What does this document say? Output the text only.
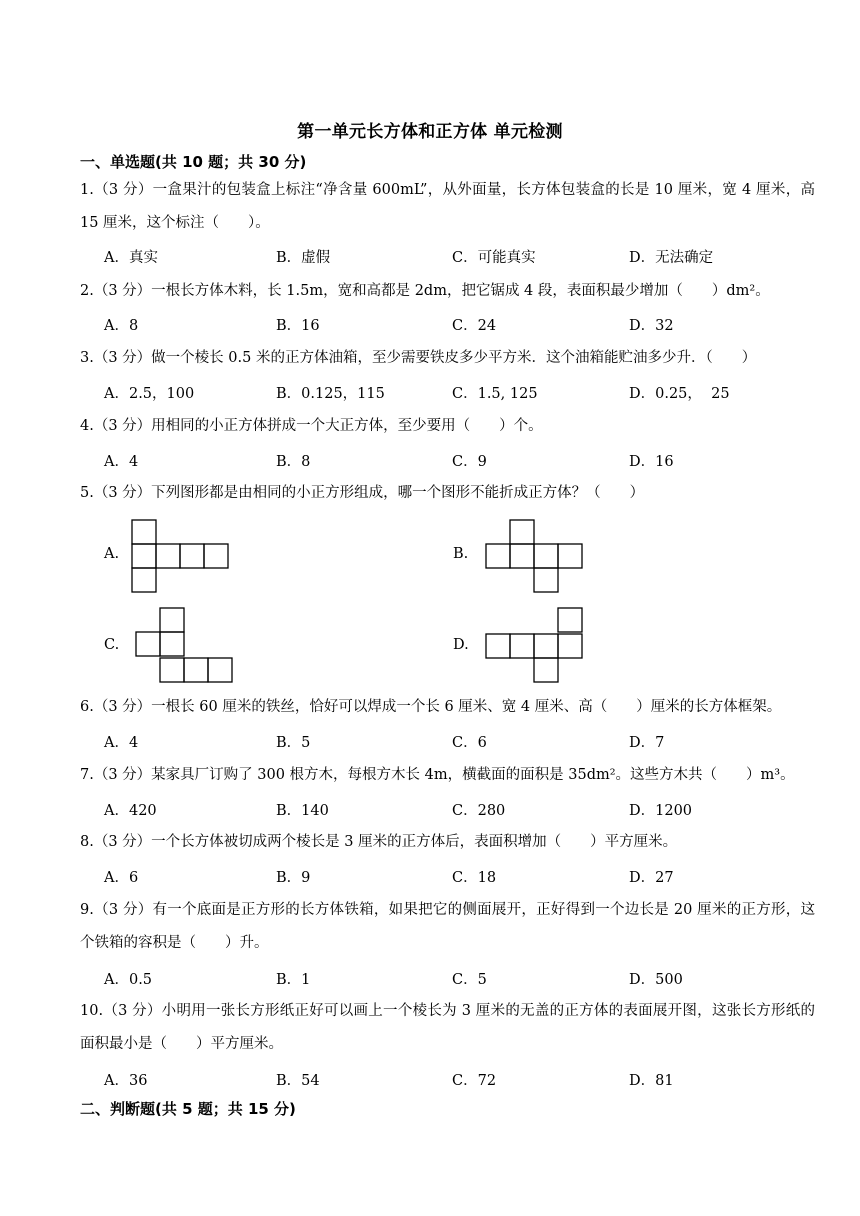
第一单元长方体和正方体 单元检测
一、单选题(共 10 题；共 30 分)
1.（3 分）一盒果汁的包装盒上标注“净含量 600mL”，从外面量，长方体包装盒的长是 10 厘米，宽 4 厘米，高 15 厘米，这个标注（　　）。
A．真实	B．虚假	C．可能真实	D．无法确定
2.（3 分）一根长方体木料，长 1.5m，宽和高都是 2dm，把它锯成 4 段，表面积最少增加（　　）dm²。
A．8	B．16	C．24	D．32
3.（3 分）做一个棱长 0.5 米的正方体油箱，至少需要铁皮多少平方米．这个油箱能贮油多少升．（　　）
A．2.5，100	B．0.125，115	C．1.5, 125	D．0.25，  25
4.（3 分）用相同的小正方体拼成一个大正方体，至少要用（　　）个。
A．4	B．8	C．9	D．16
5.（3 分）下列图形都是由相同的小正方形组成，哪一个图形不能折成正方体？（　　）
A.	B.
C.	D.
6.（3 分）一根长 60 厘米的铁丝，恰好可以焊成一个长 6 厘米、宽 4 厘米、高（　　）厘米的长方体框架。
A．4	B．5	C．6	D．7
7.（3 分）某家具厂订购了 300 根方木，每根方木长 4m，横截面的面积是 35dm²。这些方木共（　　）m³。
A．420	B．140	C．280	D．1200
8.（3 分）一个长方体被切成两个棱长是 3 厘米的正方体后，表面积增加（　　）平方厘米。
A．6	B．9	C．18	D．27
9.（3 分）有一个底面是正方形的长方体铁箱，如果把它的侧面展开，正好得到一个边长是 20 厘米的正方形，这个铁箱的容积是（　　）升。
A．0.5	B．1	C．5	D．500
10.（3 分）小明用一张长方形纸正好可以画上一个棱长为 3 厘米的无盖的正方体的表面展开图，这张长方形纸的面积最小是（　　）平方厘米。
A．36	B．54	C．72	D．81
二、判断题(共 5 题；共 15 分)
